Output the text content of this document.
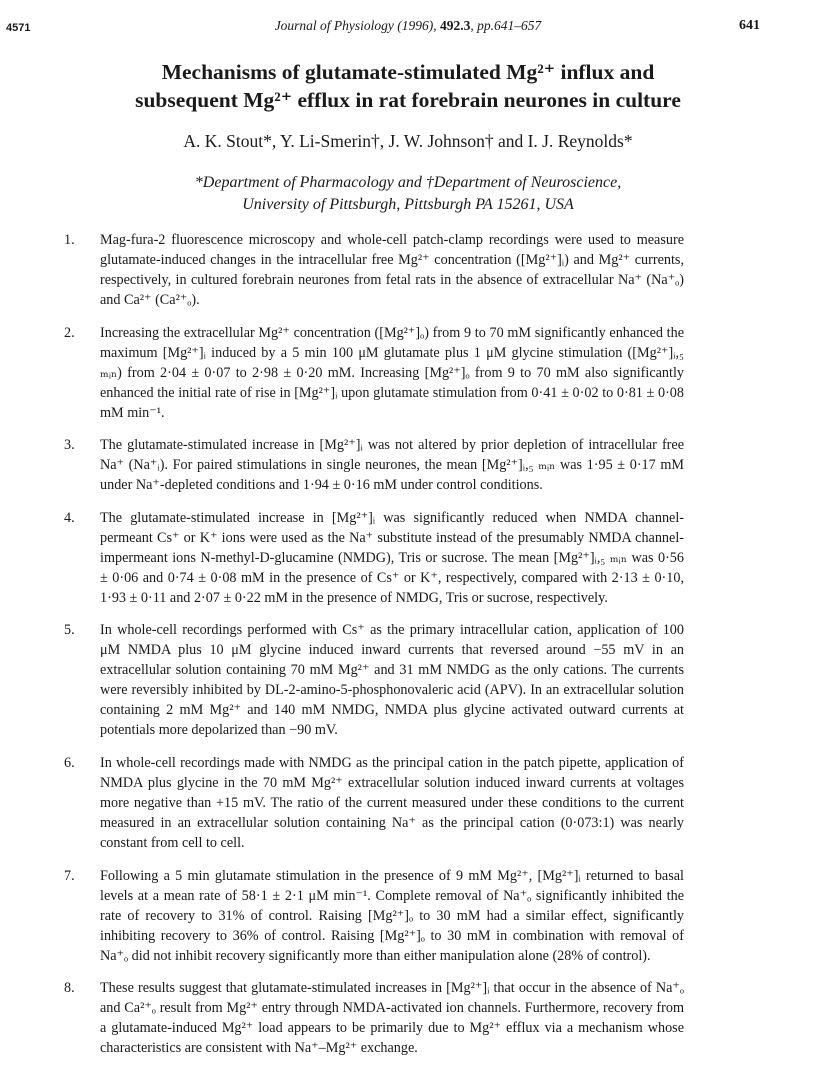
4571	Journal of Physiology (1996), 492.3, pp.641–657	641
Mechanisms of glutamate-stimulated Mg²⁺ influx and
subsequent Mg²⁺ efflux in rat forebrain neurones in culture
A. K. Stout*, Y. Li-Smerin†, J. W. Johnson† and I. J. Reynolds*
*Department of Pharmacology and †Department of Neuroscience,
University of Pittsburgh, Pittsburgh PA 15261, USA
1. Mag-fura-2 fluorescence microscopy and whole-cell patch-clamp recordings were used to measure glutamate-induced changes in the intracellular free Mg²⁺ concentration ([Mg²⁺]ᵢ) and Mg²⁺ currents, respectively, in cultured forebrain neurones from fetal rats in the absence of extracellular Na⁺ (Na⁺ₒ) and Ca²⁺ (Ca²⁺ₒ).
2. Increasing the extracellular Mg²⁺ concentration ([Mg²⁺]ₒ) from 9 to 70 mM significantly enhanced the maximum [Mg²⁺]ᵢ induced by a 5 min 100 μM glutamate plus 1 μM glycine stimulation ([Mg²⁺]ᵢ,₅ ₘᵢₙ) from 2·04 ± 0·07 to 2·98 ± 0·20 mM. Increasing [Mg²⁺]ₒ from 9 to 70 mM also significantly enhanced the initial rate of rise in [Mg²⁺]ᵢ upon glutamate stimulation from 0·41 ± 0·02 to 0·81 ± 0·08 mM min⁻¹.
3. The glutamate-stimulated increase in [Mg²⁺]ᵢ was not altered by prior depletion of intracellular free Na⁺ (Na⁺ᵢ). For paired stimulations in single neurones, the mean [Mg²⁺]ᵢ,₅ ₘᵢₙ was 1·95 ± 0·17 mM under Na⁺-depleted conditions and 1·94 ± 0·16 mM under control conditions.
4. The glutamate-stimulated increase in [Mg²⁺]ᵢ was significantly reduced when NMDA channel-permeant Cs⁺ or K⁺ ions were used as the Na⁺ substitute instead of the presumably NMDA channel-impermeant ions N-methyl-D-glucamine (NMDG), Tris or sucrose. The mean [Mg²⁺]ᵢ,₅ ₘᵢₙ was 0·56 ± 0·06 and 0·74 ± 0·08 mM in the presence of Cs⁺ or K⁺, respectively, compared with 2·13 ± 0·10, 1·93 ± 0·11 and 2·07 ± 0·22 mM in the presence of NMDG, Tris or sucrose, respectively.
5. In whole-cell recordings performed with Cs⁺ as the primary intracellular cation, application of 100 μM NMDA plus 10 μM glycine induced inward currents that reversed around −55 mV in an extracellular solution containing 70 mM Mg²⁺ and 31 mM NMDG as the only cations. The currents were reversibly inhibited by DL-2-amino-5-phosphonovaleric acid (APV). In an extracellular solution containing 2 mM Mg²⁺ and 140 mM NMDG, NMDA plus glycine activated outward currents at potentials more depolarized than −90 mV.
6. In whole-cell recordings made with NMDG as the principal cation in the patch pipette, application of NMDA plus glycine in the 70 mM Mg²⁺ extracellular solution induced inward currents at voltages more negative than +15 mV. The ratio of the current measured under these conditions to the current measured in an extracellular solution containing Na⁺ as the principal cation (0·073:1) was nearly constant from cell to cell.
7. Following a 5 min glutamate stimulation in the presence of 9 mM Mg²⁺, [Mg²⁺]ᵢ returned to basal levels at a mean rate of 58·1 ± 2·1 μM min⁻¹. Complete removal of Na⁺ₒ significantly inhibited the rate of recovery to 31% of control. Raising [Mg²⁺]ₒ to 30 mM had a similar effect, significantly inhibiting recovery to 36% of control. Raising [Mg²⁺]ₒ to 30 mM in combination with removal of Na⁺ₒ did not inhibit recovery significantly more than either manipulation alone (28% of control).
8. These results suggest that glutamate-stimulated increases in [Mg²⁺]ᵢ that occur in the absence of Na⁺ₒ and Ca²⁺ₒ result from Mg²⁺ entry through NMDA-activated ion channels. Furthermore, recovery from a glutamate-induced Mg²⁺ load appears to be primarily due to Mg²⁺ efflux via a mechanism whose characteristics are consistent with Na⁺–Mg²⁺ exchange.
